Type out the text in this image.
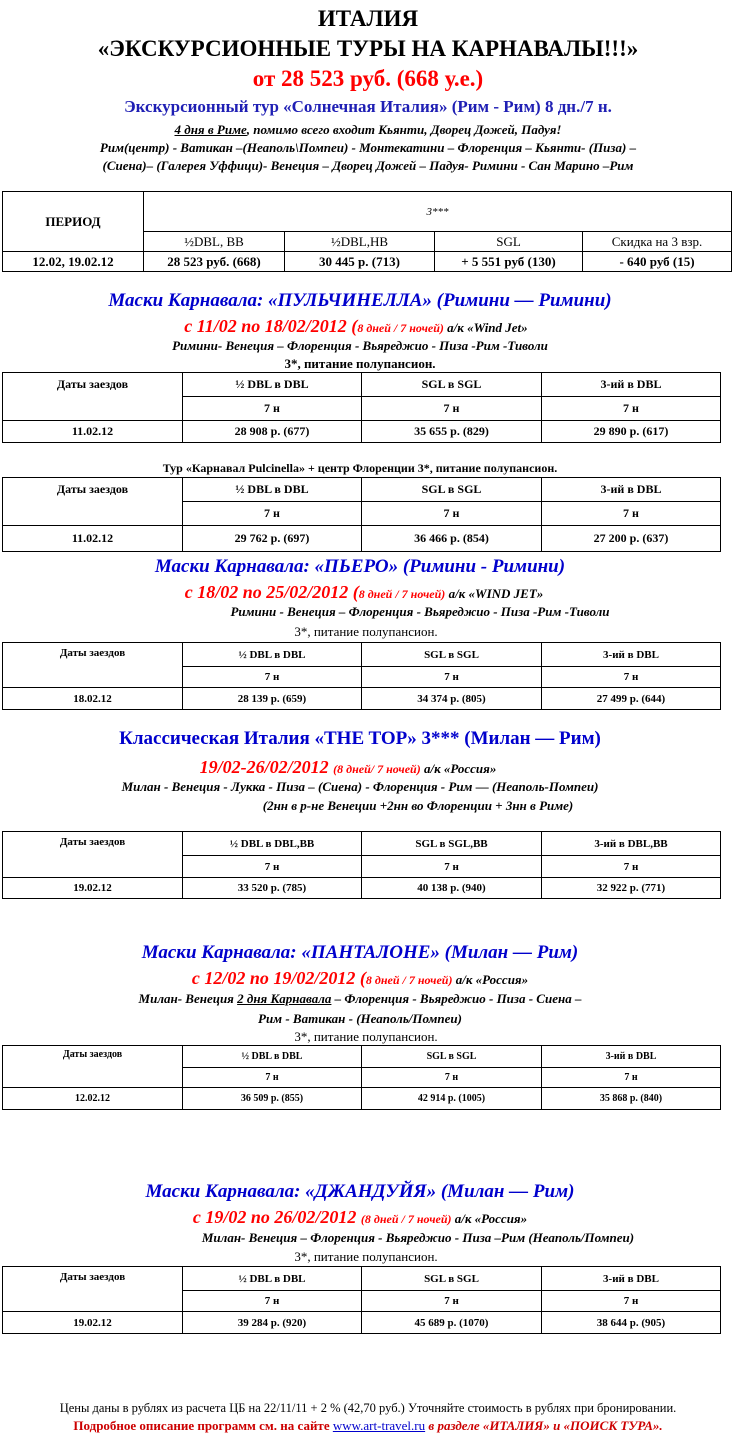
ИТАЛИЯ
«ЭКСКУРСИОННЫЕ ТУРЫ НА КАРНАВАЛЫ!!!»
от 28 523 руб. (668 у.е.)
Экскурсионный тур «Солнечная Италия» (Рим - Рим) 8 дн./7 н.
4 дня в Риме, помимо всего входит Кьянти, Дворец Дожей, Падуя!
Рим(центр) - Ватикан –(Неаполь\Помпеи) - Монтекатини – Флоренция – Кьянти- (Пиза) –
(Сиена)– (Галерея Уффици)- Венеция – Дворец Дожей – Падуя- Римини - Сан Марино –Рим
ПЕРИОД	3***			
	½DBL, BB	½DBL,HB	SGL	Скидка на 3 взр.
12.02, 19.02.12	28 523 руб. (668)	30 445 р. (713)	+ 5 551 руб (130)	- 640 руб (15)
Маски Карнавала: «ПУЛЬЧИНЕЛЛА» (Римини — Римини)
с 11/02 по 18/02/2012 (8 дней / 7 ночей) а/к «Wind Jet»
Римини- Венеция – Флоренция - Вьяреджио - Пиза -Рим -Тиволи
3*, питание полупансион.
Даты заездов	½ DBL в DBL	SGL в SGL	3-ий в DBL
	7 н	7 н	7 н
11.02.12	28 908 р. (677)	35 655 р. (829)	29 890 р. (617)
Тур «Карнавал Pulcinella» + центр Флоренции 3*, питание полупансион.
Даты заездов	½ DBL в DBL	SGL в SGL	3-ий в DBL
	7 н	7 н	7 н
11.02.12	29 762 р. (697)	36 466 р. (854)	27 200 р. (637)
Маски Карнавала: «ПЬЕРО» (Римини - Римини)
с 18/02 по 25/02/2012 (8 дней / 7 ночей) а/к «WIND JET»
Римини - Венеция – Флоренция - Вьяреджио - Пиза -Рим -Тиволи
3*, питание полупансион.
Даты заездов	½ DBL в DBL	SGL в SGL	3-ий в DBL
	7 н	7 н	7 н
18.02.12	28 139 р. (659)	34 374 р. (805)	27 499 р. (644)
Классическая Италия «THE TOP» 3*** (Милан — Рим)
19/02-26/02/2012 (8 дней/ 7 ночей) а/к «Россия»
Милан - Венеция - Лукка - Пиза – (Сиена) - Флоренция - Рим — (Неаполь-Помпеи)
(2нн в р-не Венеции +2нн во Флоренции + 3нн в Риме)
Даты заездов	½ DBL в DBL,BB	SGL в SGL,BB	3-ий в DBL,BB
	7 н	7 н	7 н
19.02.12	33 520 р. (785)	40 138 р. (940)	32 922 р. (771)
Маски Карнавала: «ПАНТАЛОНЕ» (Милан — Рим)
с 12/02 по 19/02/2012 (8 дней / 7 ночей) а/к «Россия»
Милан- Венеция 2 дня Карнавала – Флоренция - Вьяреджио - Пиза - Сиена –
Рим - Ватикан - (Неаполь/Помпеи)
3*, питание полупансион.
Даты заездов	½ DBL в DBL	SGL в SGL	3-ий в DBL
	7 н	7 н	7 н
12.02.12	36 509 р. (855)	42 914 р. (1005)	35 868 р. (840)
Маски Карнавала: «ДЖАНДУЙЯ» (Милан — Рим)
с 19/02 по 26/02/2012 (8 дней / 7 ночей) а/к «Россия»
Милан- Венеция – Флоренция - Вьяреджио - Пиза –Рим (Неаполь/Помпеи)
3*, питание полупансион.
Даты заездов	½ DBL в DBL	SGL в SGL	3-ий в DBL
	7 н	7 н	7 н
19.02.12	39 284 р. (920)	45 689 р. (1070)	38 644 р. (905)
Цены даны в рублях из расчета ЦБ на 22/11/11 + 2 % (42,70 руб.) Уточняйте стоимость в рублях при бронировании.
Подробное описание программ см. на сайте www.art-travel.ru в разделе «ИТАЛИЯ» и «ПОИСК ТУРА».
